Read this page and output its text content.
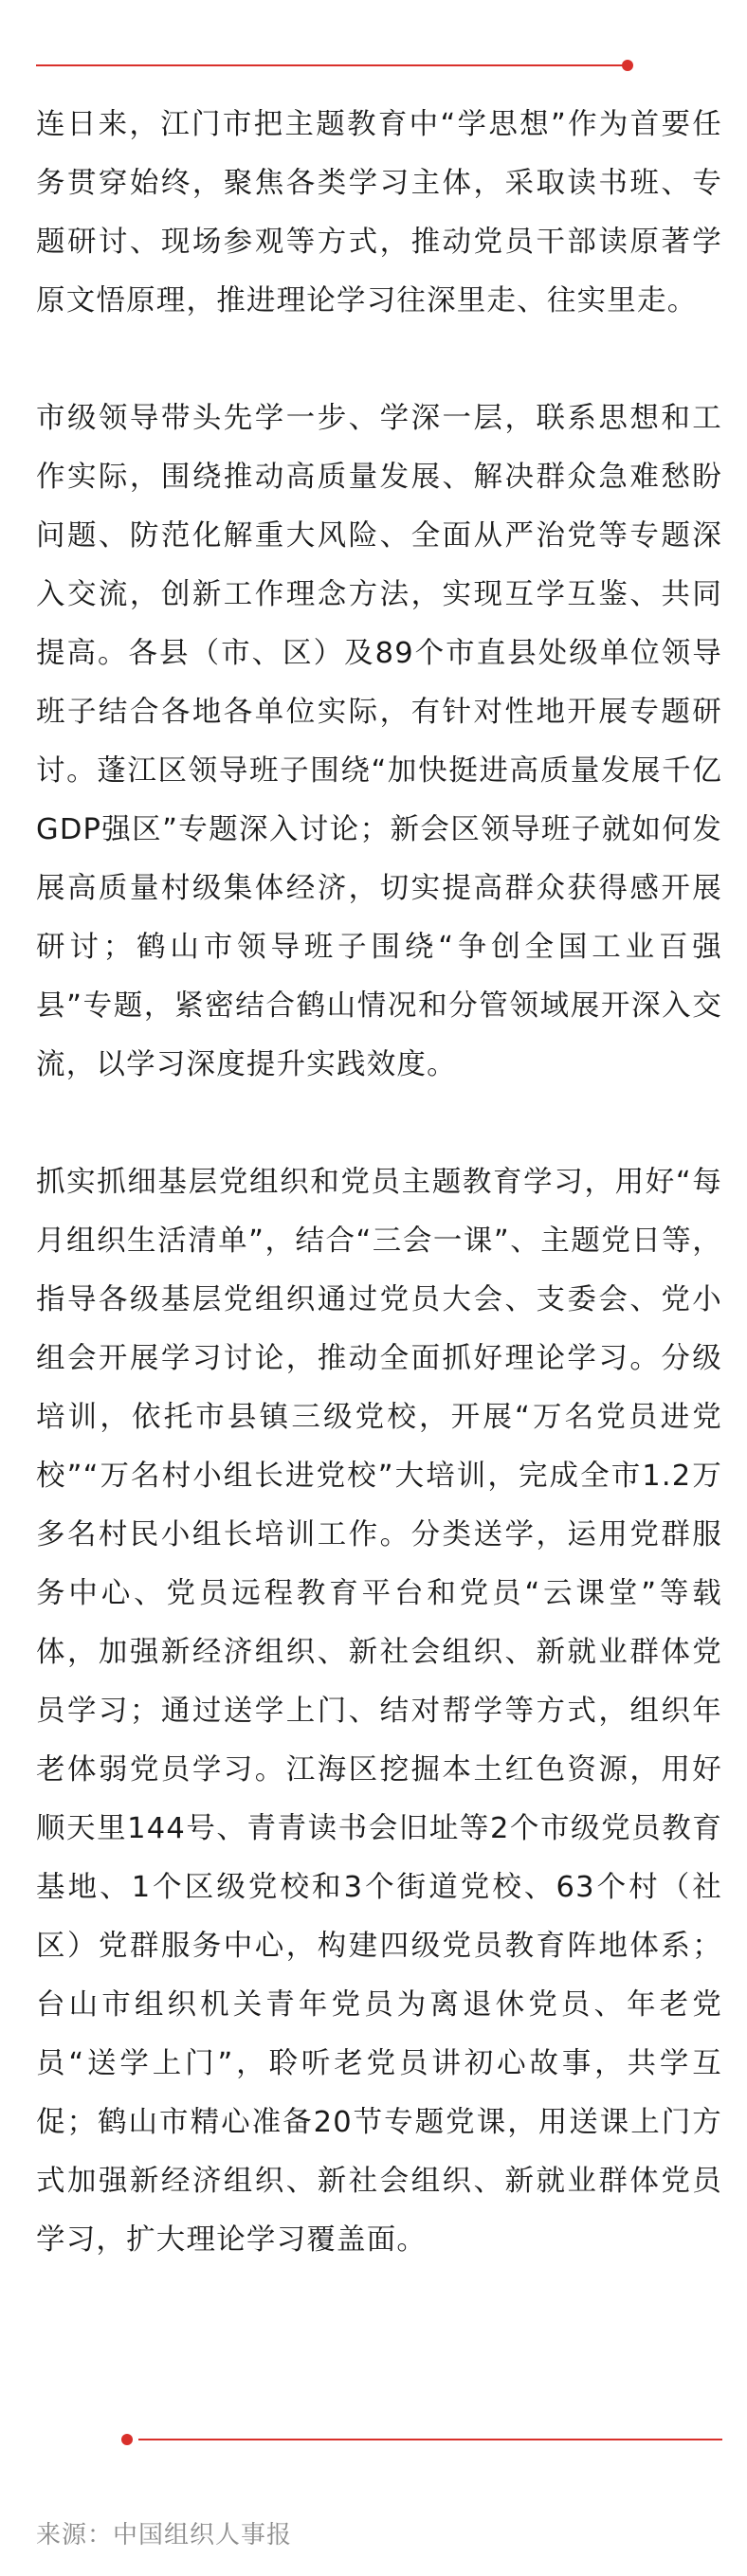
连日来，江门市把主题教育中“学思想”作为首要任务贯穿始终，聚焦各类学习主体，采取读书班、专题研讨、现场参观等方式，推动党员干部读原著学原文悟原理，推进理论学习往深里走、往实里走。

市级领导带头先学一步、学深一层，联系思想和工作实际，围绕推动高质量发展、解决群众急难愁盼问题、防范化解重大风险、全面从严治党等专题深入交流，创新工作理念方法，实现互学互鉴、共同提高。各县（市、区）及89个市直县处级单位领导班子结合各地各单位实际，有针对性地开展专题研讨。蓬江区领导班子围绕“加快挺进高质量发展千亿GDP强区”专题深入讨论；新会区领导班子就如何发展高质量村级集体经济，切实提高群众获得感开展研讨；鹤山市领导班子围绕“争创全国工业百强县”专题，紧密结合鹤山情况和分管领域展开深入交流，以学习深度提升实践效度。

抓实抓细基层党组织和党员主题教育学习，用好“每月组织生活清单”，结合“三会一课”、主题党日等，指导各级基层党组织通过党员大会、支委会、党小组会开展学习讨论，推动全面抓好理论学习。分级培训，依托市县镇三级党校，开展“万名党员进党校”“万名村小组长进党校”大培训，完成全市1.2万多名村民小组长培训工作。分类送学，运用党群服务中心、党员远程教育平台和党员“云课堂”等载体，加强新经济组织、新社会组织、新就业群体党员学习；通过送学上门、结对帮学等方式，组织年老体弱党员学习。江海区挖掘本土红色资源，用好顺天里144号、青青读书会旧址等2个市级党员教育基地、1个区级党校和3个街道党校、63个村（社区）党群服务中心，构建四级党员教育阵地体系；台山市组织机关青年党员为离退休党员、年老党员“送学上门”，聆听老党员讲初心故事，共学互促；鹤山市精心准备20节专题党课，用送课上门方式加强新经济组织、新社会组织、新就业群体党员学习，扩大理论学习覆盖面。

来源：中国组织人事报
